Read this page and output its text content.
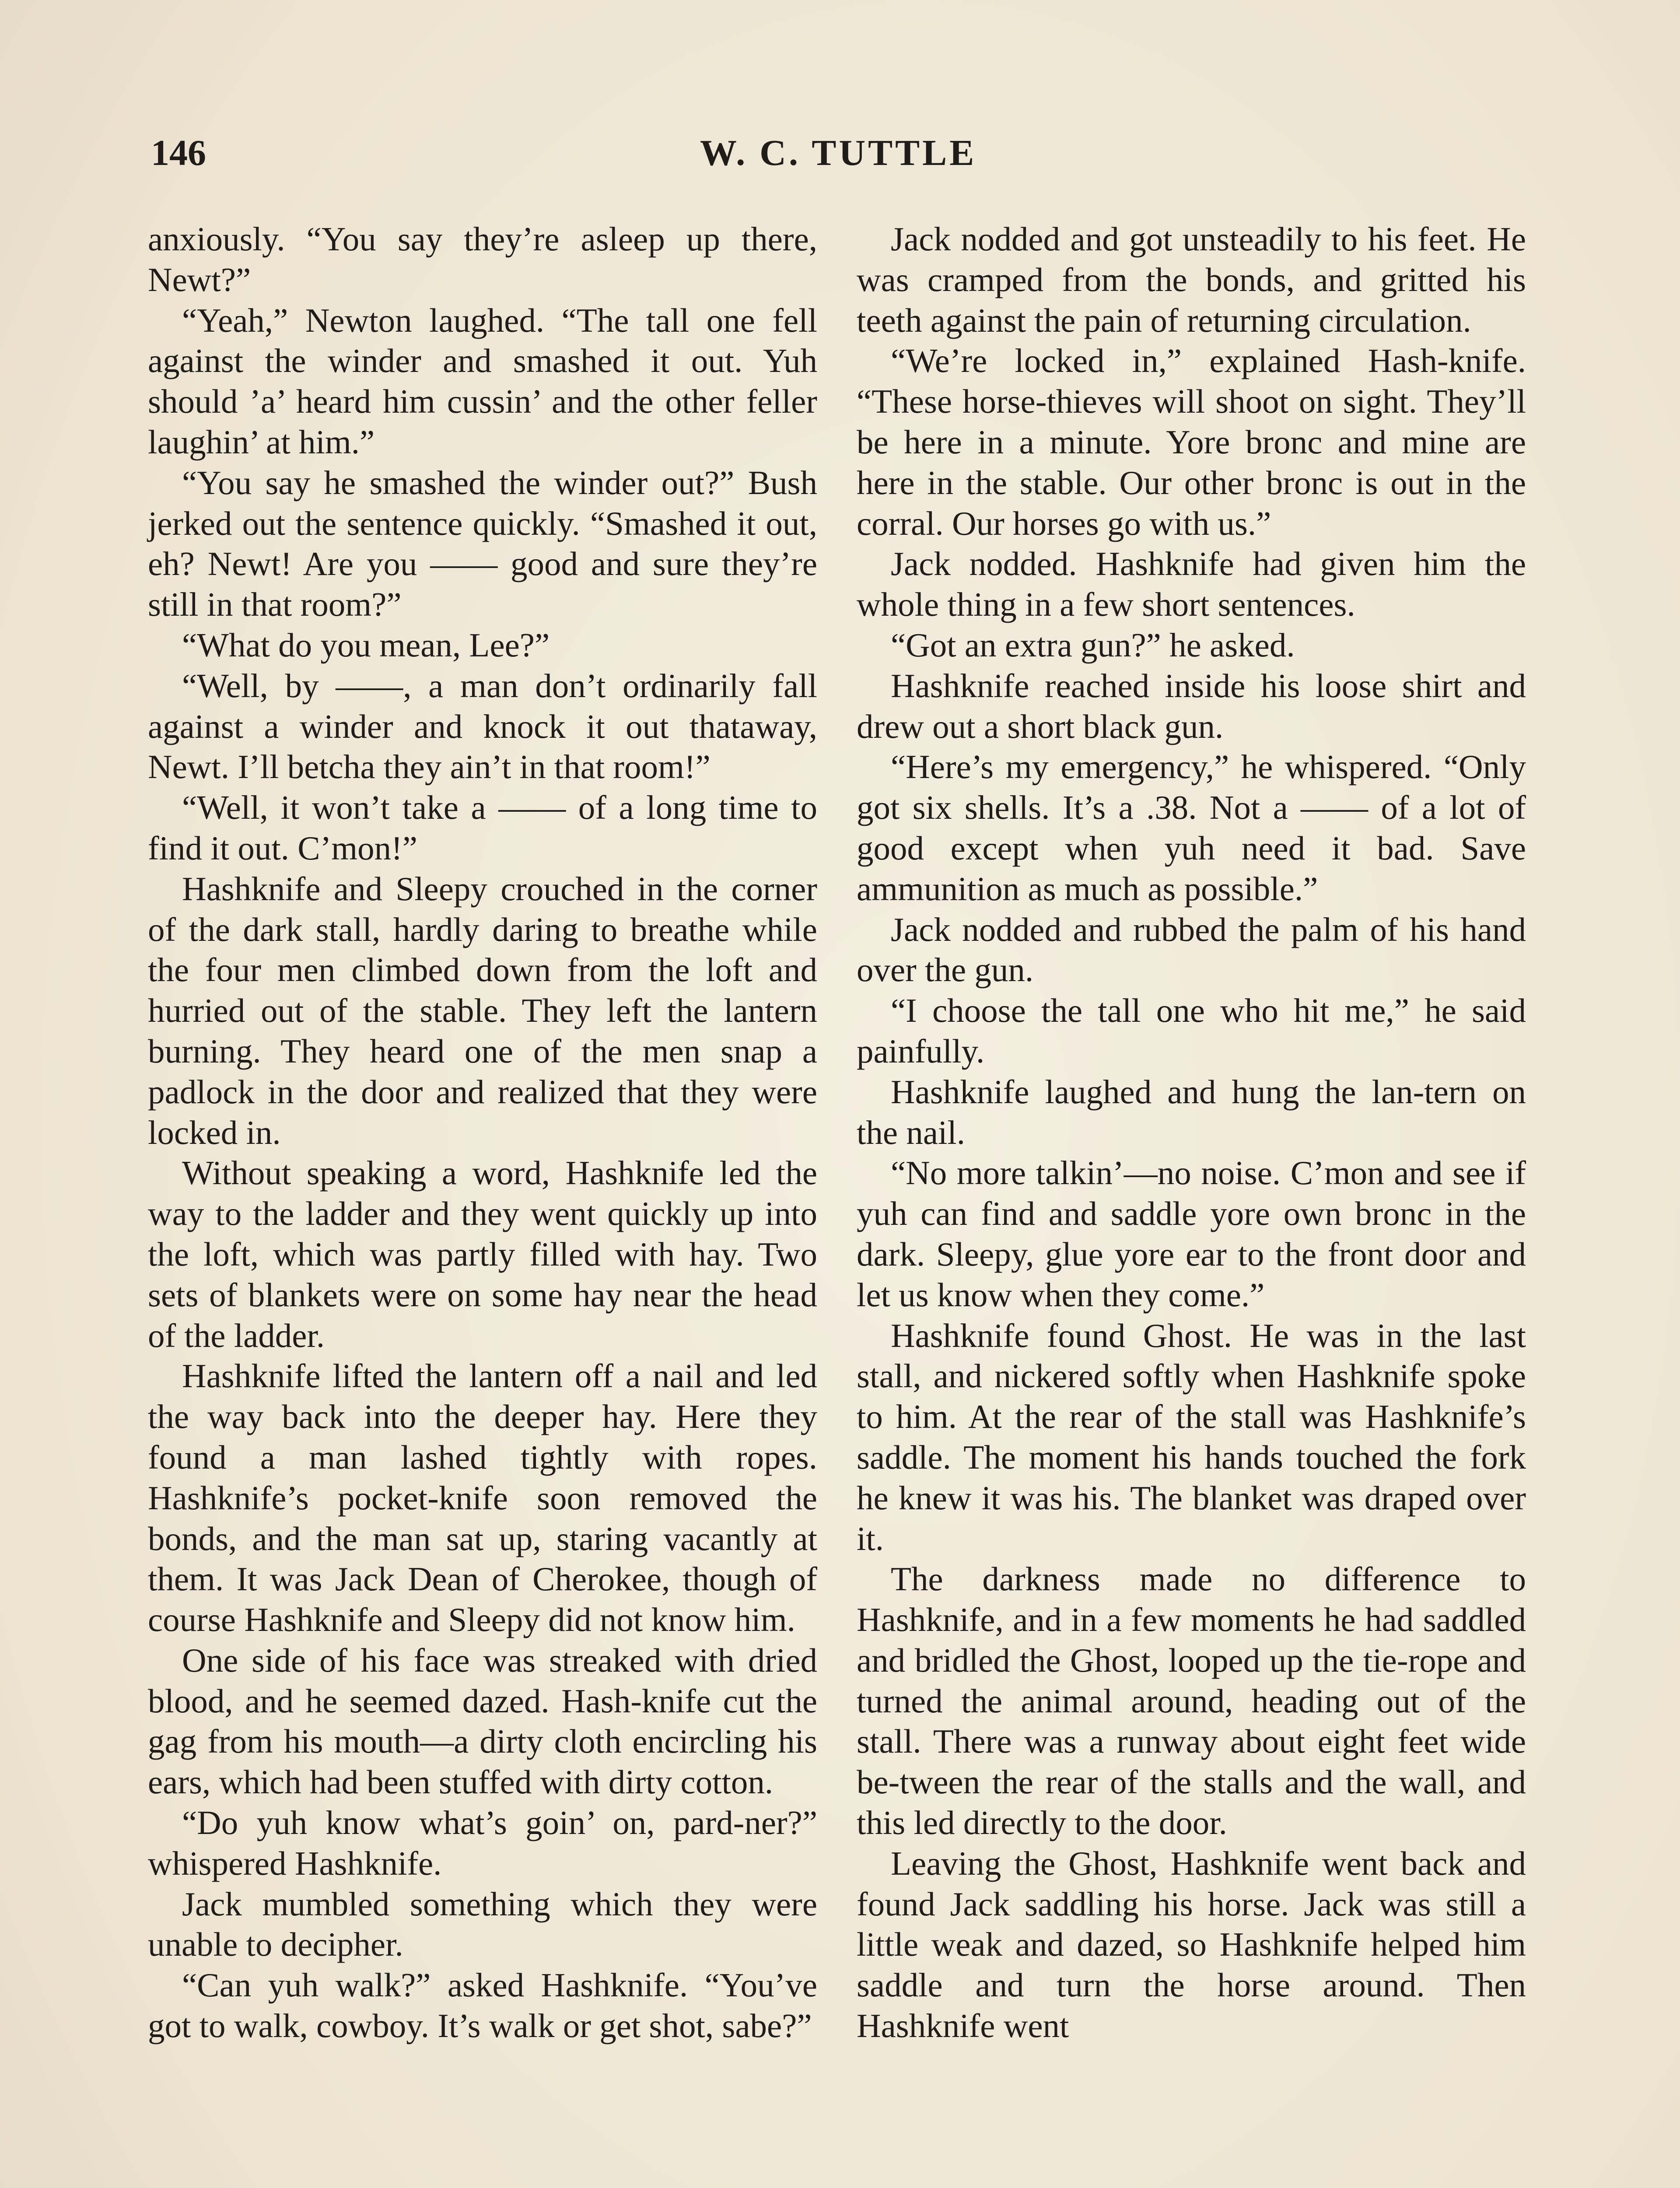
146	W. C. TUTTLE

anxiously. “You say they’re asleep up there, Newt?”

“Yeah,” Newton laughed. “The tall one fell against the winder and smashed it out. Yuh should ’a’ heard him cussin’ and the other feller laughin’ at him.”

“You say he smashed the winder out?” Bush jerked out the sentence quickly. “Smashed it out, eh? Newt! Are you —— good and sure they’re still in that room?”

“What do you mean, Lee?”

“Well, by ——, a man don’t ordinarily fall against a winder and knock it out thataway, Newt. I’ll betcha they ain’t in that room!”

“Well, it won’t take a —— of a long time to find it out. C’mon!”

Hashknife and Sleepy crouched in the corner of the dark stall, hardly daring to breathe while the four men climbed down from the loft and hurried out of the stable. They left the lantern burning. They heard one of the men snap a padlock in the door and realized that they were locked in.

Without speaking a word, Hashknife led the way to the ladder and they went quickly up into the loft, which was partly filled with hay. Two sets of blankets were on some hay near the head of the ladder.

Hashknife lifted the lantern off a nail and led the way back into the deeper hay. Here they found a man lashed tightly with ropes. Hashknife’s pocket-knife soon removed the bonds, and the man sat up, staring vacantly at them. It was Jack Dean of Cherokee, though of course Hashknife and Sleepy did not know him.

One side of his face was streaked with dried blood, and he seemed dazed. Hash-knife cut the gag from his mouth—a dirty cloth encircling his ears, which had been stuffed with dirty cotton.

“Do yuh know what’s goin’ on, pard-ner?” whispered Hashknife.

Jack mumbled something which they were unable to decipher.

“Can yuh walk?” asked Hashknife. “You’ve got to walk, cowboy. It’s walk or get shot, sabe?”

Jack nodded and got unsteadily to his feet. He was cramped from the bonds, and gritted his teeth against the pain of returning circulation.

“We’re locked in,” explained Hash-knife. “These horse-thieves will shoot on sight. They’ll be here in a minute. Yore bronc and mine are here in the stable. Our other bronc is out in the corral. Our horses go with us.”

Jack nodded. Hashknife had given him the whole thing in a few short sentences.

“Got an extra gun?” he asked.

Hashknife reached inside his loose shirt and drew out a short black gun.

“Here’s my emergency,” he whispered. “Only got six shells. It’s a .38. Not a —— of a lot of good except when yuh need it bad. Save ammunition as much as possible.”

Jack nodded and rubbed the palm of his hand over the gun.

“I choose the tall one who hit me,” he said painfully.

Hashknife laughed and hung the lan-tern on the nail.

“No more talkin’—no noise. C’mon and see if yuh can find and saddle yore own bronc in the dark. Sleepy, glue yore ear to the front door and let us know when they come.”

Hashknife found Ghost. He was in the last stall, and nickered softly when Hashknife spoke to him. At the rear of the stall was Hashknife’s saddle. The moment his hands touched the fork he knew it was his. The blanket was draped over it.

The darkness made no difference to Hashknife, and in a few moments he had saddled and bridled the Ghost, looped up the tie-rope and turned the animal around, heading out of the stall. There was a runway about eight feet wide be-tween the rear of the stalls and the wall, and this led directly to the door.

Leaving the Ghost, Hashknife went back and found Jack saddling his horse. Jack was still a little weak and dazed, so Hashknife helped him saddle and turn the horse around. Then Hashknife went
